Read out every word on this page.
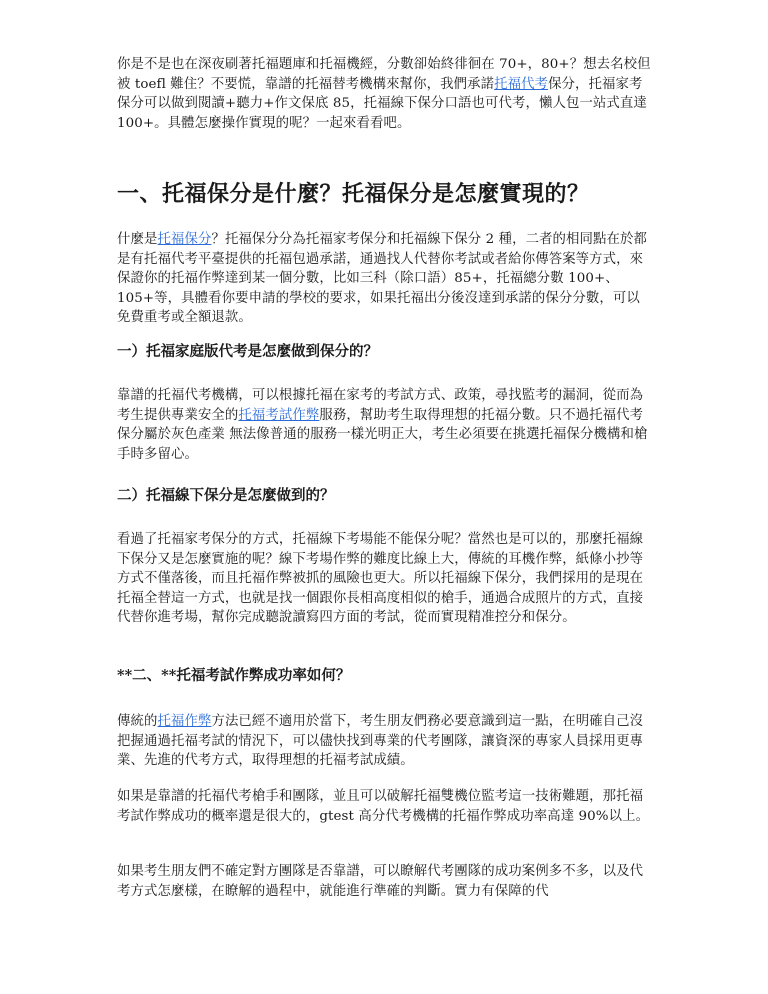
你是不是也在深夜刷著托福題庫和托福機經，分數卻始終徘徊在 70+，80+？想去名校但被 toefl 難住？不要慌，靠譜的托福替考機構來幫你，我們承諾托福代考保分，托福家考保分可以做到閱讀+聽力+作文保底 85，托福線下保分口語也可代考，懶人包一站式直達 100+。具體怎麼操作實現的呢？一起來看看吧。

一、托福保分是什麼？托福保分是怎麼實現的？

什麼是托福保分？托福保分分為托福家考保分和托福線下保分 2 種，二者的相同點在於都是有托福代考平臺提供的托福包過承諾，通過找人代替你考試或者給你傳答案等方式，來保證你的托福作弊達到某一個分數，比如三科（除口語）85+，托福總分數 100+、105+等，具體看你要申請的學校的要求，如果托福出分後沒達到承諾的保分分數，可以免費重考或全額退款。

一）托福家庭版代考是怎麼做到保分的？

靠譜的托福代考機構，可以根據托福在家考的考試方式、政策，尋找監考的漏洞，從而為考生提供專業安全的托福考試作弊服務，幫助考生取得理想的托福分數。只不過托福代考保分屬於灰色產業 無法像普通的服務一樣光明正大，考生必須要在挑選托福保分機構和槍手時多留心。

二）托福線下保分是怎麼做到的？

看過了托福家考保分的方式，托福線下考場能不能保分呢？當然也是可以的，那麼托福線下保分又是怎麼實施的呢？線下考場作弊的難度比線上大，傳統的耳機作弊，紙條小抄等方式不僅落後，而且托福作弊被抓的風險也更大。所以托福線下保分，我們採用的是現在托福全替這一方式，也就是找一個跟你長相高度相似的槍手，通過合成照片的方式，直接代替你進考場，幫你完成聽說讀寫四方面的考試，從而實現精准控分和保分。

**二、**托福考試作弊成功率如何？

傳統的托福作弊方法已經不適用於當下，考生朋友們務必要意識到這一點，在明確自己沒把握通過托福考試的情況下，可以儘快找到專業的代考團隊，讓資深的專家人員採用更專業、先進的代考方式，取得理想的托福考試成績。

如果是靠譜的托福代考槍手和團隊，並且可以破解托福雙機位監考這一技術難題，那托福考試作弊成功的概率還是很大的，gtest 高分代考機構的托福作弊成功率高達 90%以上。

如果考生朋友們不確定對方團隊是否靠譜，可以瞭解代考團隊的成功案例多不多，以及代考方式怎麼樣，在瞭解的過程中，就能進行準確的判斷。實力有保障的代
